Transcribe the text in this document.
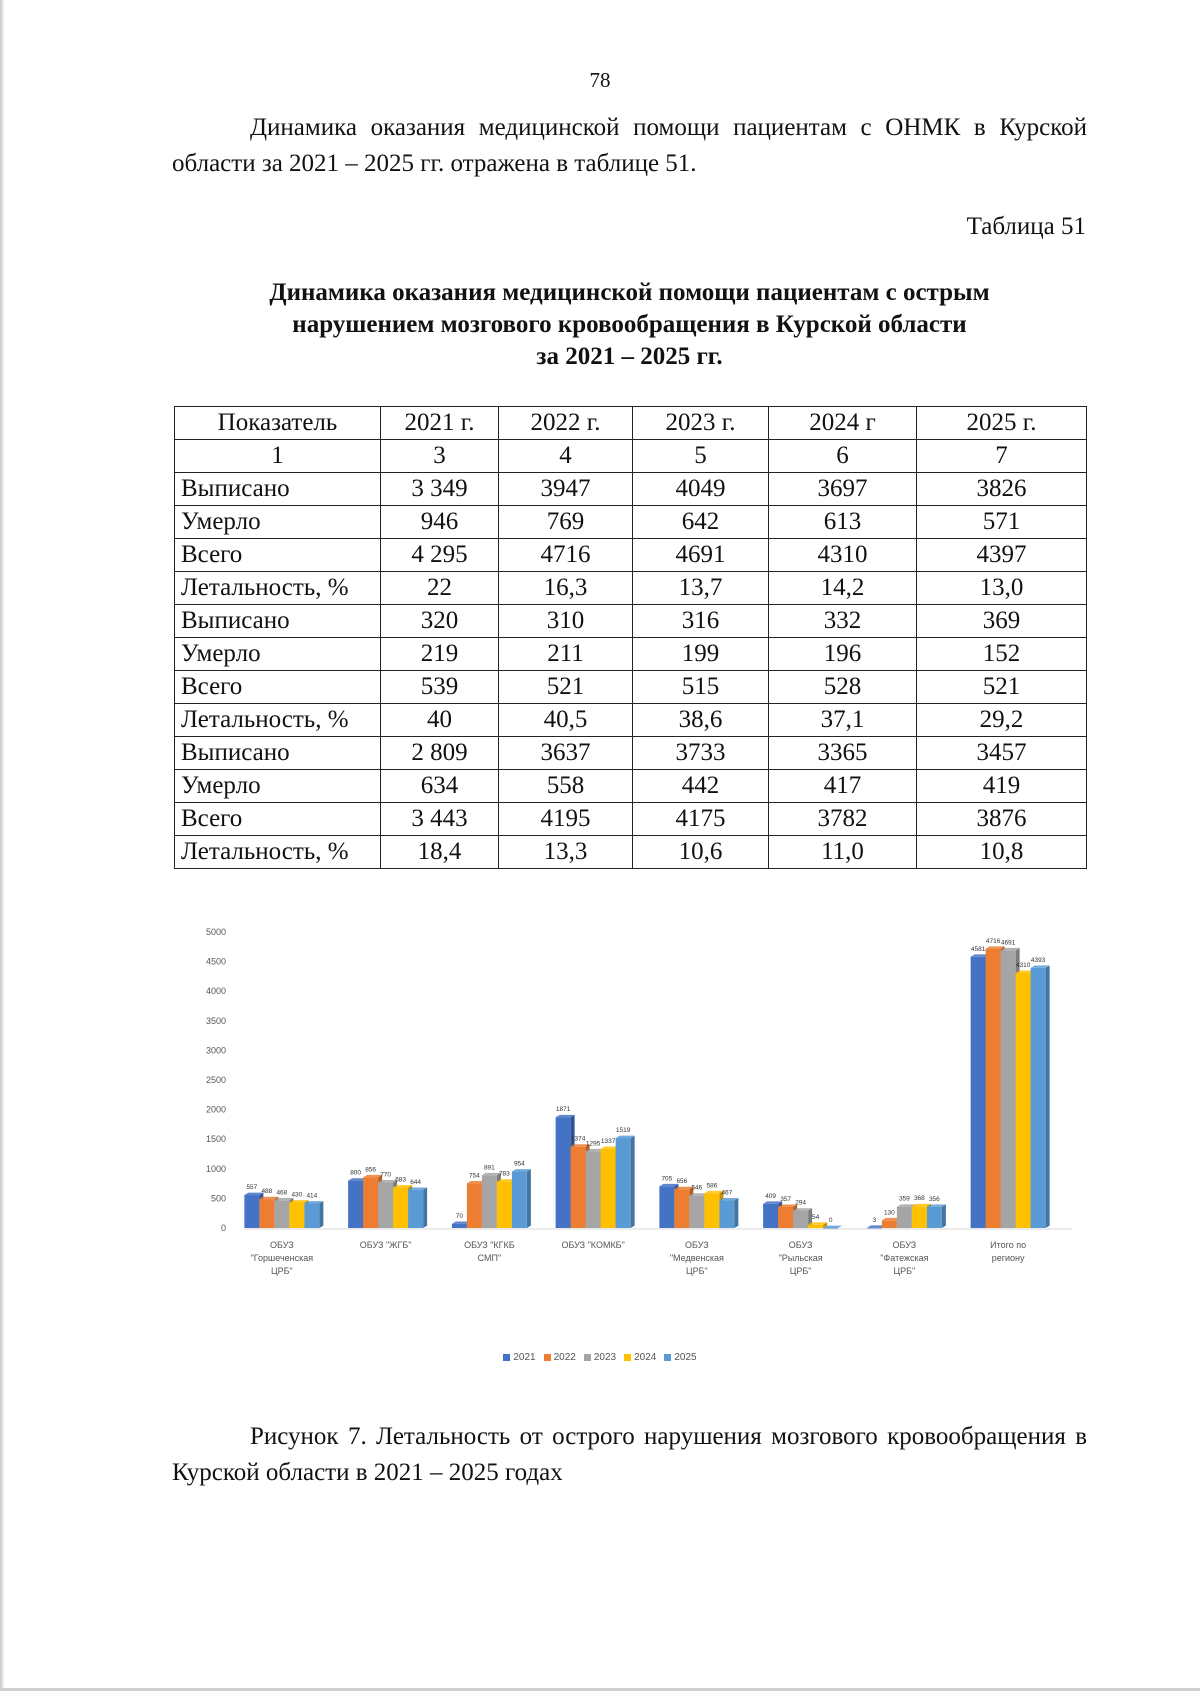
78

Динамика оказания медицинской помощи пациентам с ОНМК в Курской области за 2021 – 2025 гг. отражена в таблице 51.

Таблица 51
Динамика оказания медицинской помощи пациентам с острым
нарушением мозгового кровообращения в Курской области
за 2021 – 2025 гг.
Показатель	2021 г.	2022 г.	2023 г.	2024 г	2025 г.
1	3	4	5	6	7
Выписано	3 349	3947	4049	3697	3826
Умерло	946	769	642	613	571
Всего	4 295	4716	4691	4310	4397
Летальность, %	22	16,3	13,7	14,2	13,0
Выписано	320	310	316	332	369
Умерло	219	211	199	196	152
Всего	539	521	515	528	521
Летальность, %	40	40,5	38,6	37,1	29,2
Выписано	2 809	3637	3733	3365	3457
Умерло	634	558	442	417	419
Всего	3 443	4195	4175	3782	3876
Летальность, %	18,4	13,3	10,6	11,0	10,8
0
500
1000
1500
2000
2500
3000
3500
4000
4500
5000
557
488 468 430 414
ОБУЗ
"Горшеченская
ЦРБ"
800 856
770
683 644
ОБУЗ "ЖГБ"
70
754
891
783
954
ОБУЗ "КГКБ
СМП"
1871
1374
1295 1337
1519
ОБУЗ "КОМКБ"
705 656
546 586
467
ОБУЗ
"Медвенская
ЦРБ"
409 357
294
54 0
ОБУЗ
"Рыльская
ЦРБ"
3
130
359 368 356
ОБУЗ
"Фатежская
ЦРБ"
4581
4716 4691
4310
4393
Итого по
региону
2021 2022 2023 2024 2025

Рисунок 7. Летальность от острого нарушения мозгового кровообращения в Курской области в 2021 – 2025 годах
